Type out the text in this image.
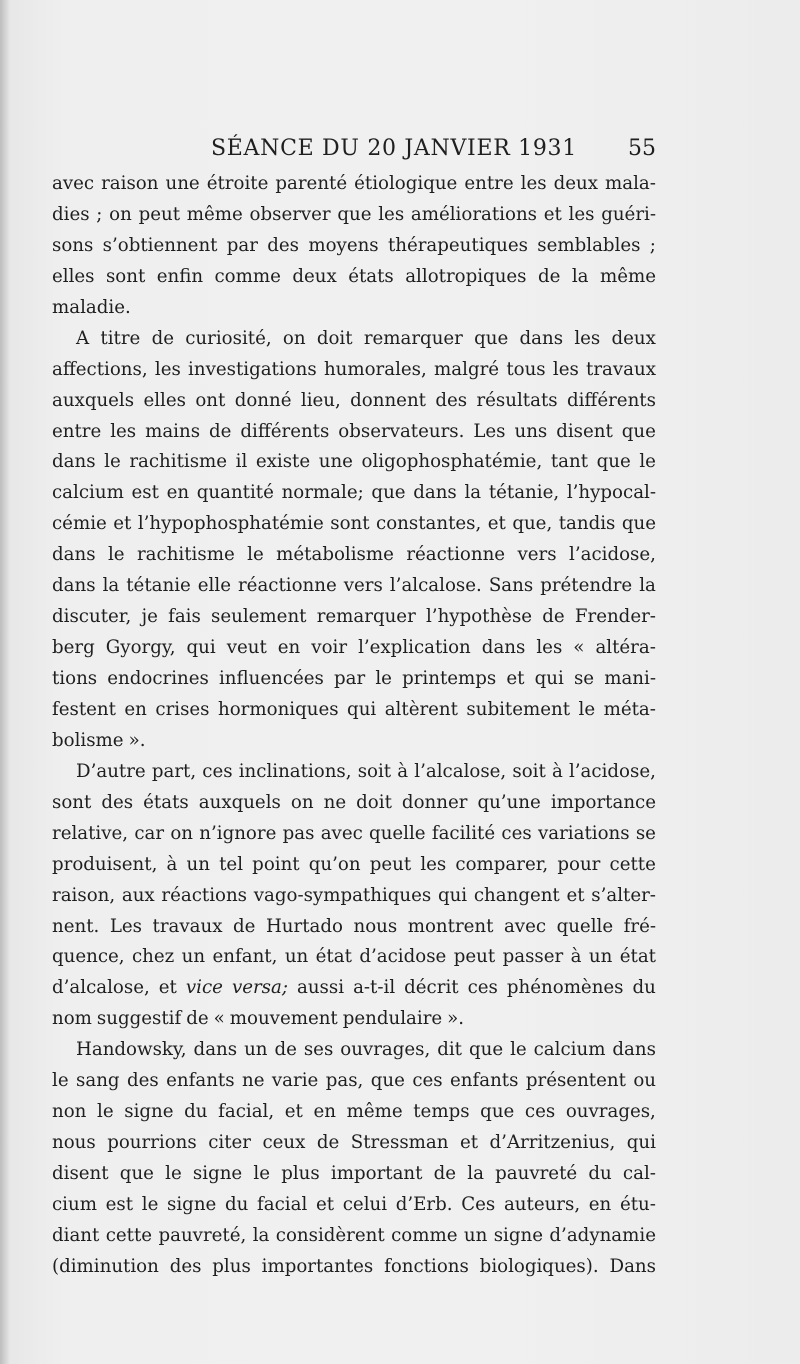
SÉANCE DU 20 JANVIER 1931 55
avec raison une étroite parenté étiologique entre les deux mala-
dies ; on peut même observer que les améliorations et les guéri-
sons s’obtiennent par des moyens thérapeutiques semblables ;
elles sont enfin comme deux états allotropiques de la même
maladie.
A titre de curiosité, on doit remarquer que dans les deux
affections, les investigations humorales, malgré tous les travaux
auxquels elles ont donné lieu, donnent des résultats différents
entre les mains de différents observateurs. Les uns disent que
dans le rachitisme il existe une oligophosphatémie, tant que le
calcium est en quantité normale; que dans la tétanie, l’hypocal-
cémie et l’hypophosphatémie sont constantes, et que, tandis que
dans le rachitisme le métabolisme réactionne vers l’acidose,
dans la tétanie elle réactionne vers l’alcalose. Sans prétendre la
discuter, je fais seulement remarquer l’hypothèse de Frender-
berg Gyorgy, qui veut en voir l’explication dans les « altéra-
tions endocrines influencées par le printemps et qui se mani-
festent en crises hormoniques qui altèrent subitement le méta-
bolisme ».
D’autre part, ces inclinations, soit à l’alcalose, soit à l’acidose,
sont des états auxquels on ne doit donner qu’une importance
relative, car on n’ignore pas avec quelle facilité ces variations se
produisent, à un tel point qu’on peut les comparer, pour cette
raison, aux réactions vago-sympathiques qui changent et s’alter-
nent. Les travaux de Hurtado nous montrent avec quelle fré-
quence, chez un enfant, un état d’acidose peut passer à un état
d’alcalose, et vice versa; aussi a-t-il décrit ces phénomènes du
nom suggestif de « mouvement pendulaire ».
Handowsky, dans un de ses ouvrages, dit que le calcium dans
le sang des enfants ne varie pas, que ces enfants présentent ou
non le signe du facial, et en même temps que ces ouvrages,
nous pourrions citer ceux de Stressman et d’Arritzenius, qui
disent que le signe le plus important de la pauvreté du cal-
cium est le signe du facial et celui d’Erb. Ces auteurs, en étu-
diant cette pauvreté, la considèrent comme un signe d’adynamie
(diminution des plus importantes fonctions biologiques). Dans
